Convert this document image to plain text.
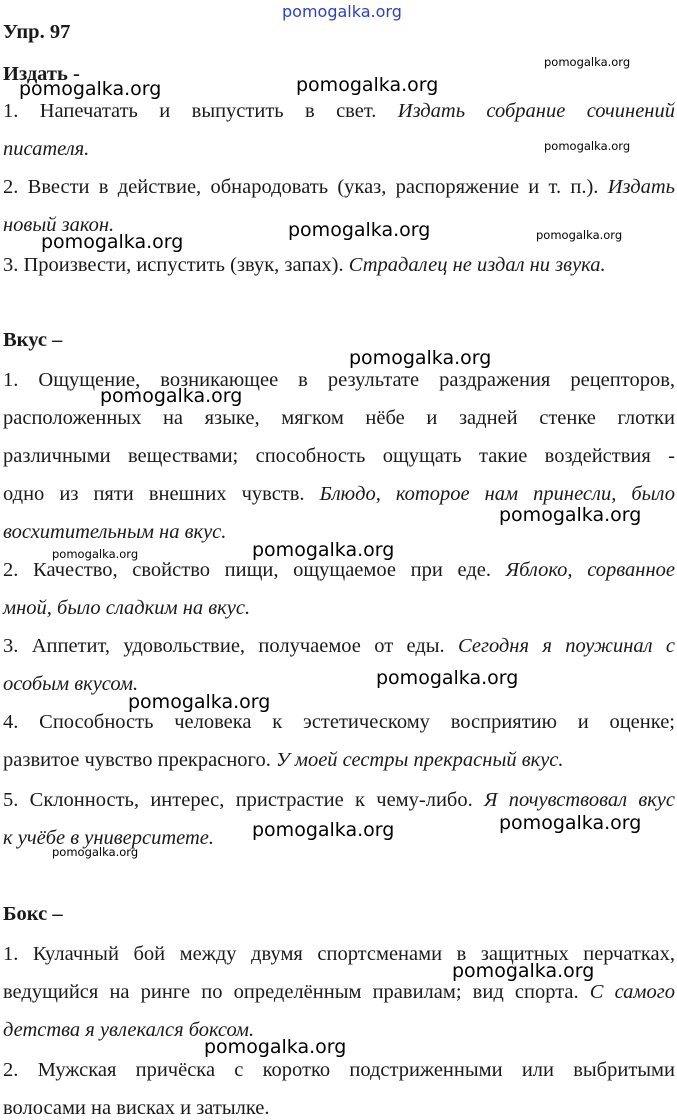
Упр. 97
Издать -
1. Напечатать и выпустить в свет. Издать собрание сочинений
писателя.
2. Ввести в действие, обнародовать (указ, распоряжение и т. п.). Издать
новый закон.
3. Произвести, испустить (звук, запах). Страдалец не издал ни звука.
Вкус –
1. Ощущение, возникающее в результате раздражения рецепторов,
расположенных на языке, мягком нёбе и задней стенке глотки
различными веществами; способность ощущать такие воздействия -
одно из пяти внешних чувств. Блюдо, которое нам принесли, было
восхитительным на вкус.
2. Качество, свойство пищи, ощущаемое при еде. Яблоко, сорванное
мной, было сладким на вкус.
3. Аппетит, удовольствие, получаемое от еды. Сегодня я поужинал с
особым вкусом.
4. Способность человека к эстетическому восприятию и оценке;
развитое чувство прекрасного. У моей сестры прекрасный вкус.
5. Склонность, интерес, пристрастие к чему-либо. Я почувствовал вкус
к учёбе в университете.
Бокс –
1. Кулачный бой между двумя спортсменами в защитных перчатках,
ведущийся на ринге по определённым правилам; вид спорта. С самого
детства я увлекался боксом.
2. Мужская причёска с коротко подстриженными или выбритыми
волосами на висках и затылке.
pomogalka.org
pomogalka.org
pomogalka.org	pomogalka.org
pomogalka.org
pomogalka.org	pomogalka.org
pomogalka.org
pomogalka.org
pomogalka.org
pomogalka.org
pomogalka.org	pomogalka.org
pomogalka.org
pomogalka.org
pomogalka.org
pomogalka.org
pomogalka.org
pomogalka.org
pomogalka.org
